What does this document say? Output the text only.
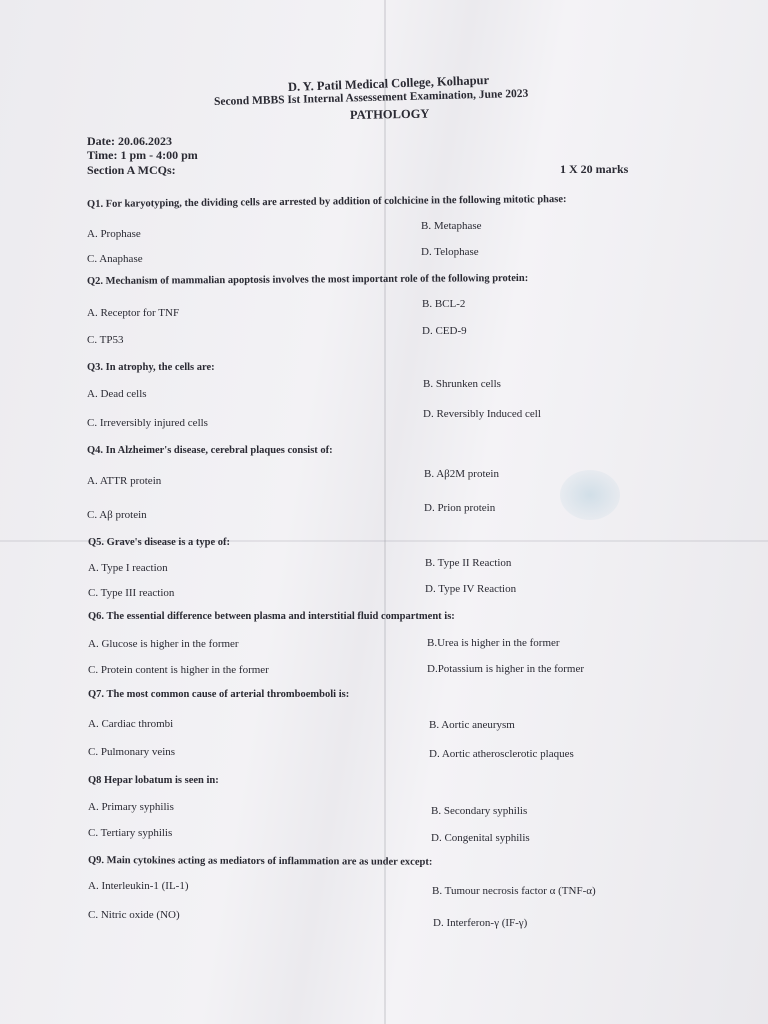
D. Y. Patil Medical College, Kolhapur
Second MBBS Ist Internal Assessement Examination, June 2023
PATHOLOGY
Date: 20.06.2023
Time: 1 pm - 4:00 pm
Section A MCQs:	1 X 20 marks
Q1. For karyotyping, the dividing cells are arrested by addition of colchicine in the following mitotic phase:
A. Prophase
B. Metaphase
C. Anaphase
D. Telophase
Q2. Mechanism of mammalian apoptosis involves the most important role of the following protein:
A. Receptor for TNF
B. BCL-2
C. TP53
D. CED-9
Q3. In atrophy, the cells are:
A. Dead cells
B. Shrunken cells
C. Irreversibly injured cells
D. Reversibly Induced cell
Q4. In Alzheimer's disease, cerebral plaques consist of:
A. ATTR protein
B. Aβ2M protein
C. Aβ protein
D. Prion protein
Q5. Grave's disease is a type of:
A. Type I reaction	B. Type II Reaction
C. Type III reaction	D. Type IV Reaction
Q6. The essential difference between plasma and interstitial fluid compartment is:
A. Glucose is higher in the former	B.Urea is higher in the former
C. Protein content is higher in the former	D.Potassium is higher in the former
Q7. The most common cause of arterial thromboemboli is:
A. Cardiac thrombi	B. Aortic aneurysm
C. Pulmonary veins	D. Aortic atherosclerotic plaques
Q8 Hepar lobatum is seen in:
A. Primary syphilis	B. Secondary syphilis
C. Tertiary syphilis	D. Congenital syphilis
Q9. Main cytokines acting as mediators of inflammation are as under except:
A. Interleukin-1 (IL-1)	B. Tumour necrosis factor α (TNF-α)
C. Nitric oxide (NO)
D. Interferon-γ (IF-γ)
